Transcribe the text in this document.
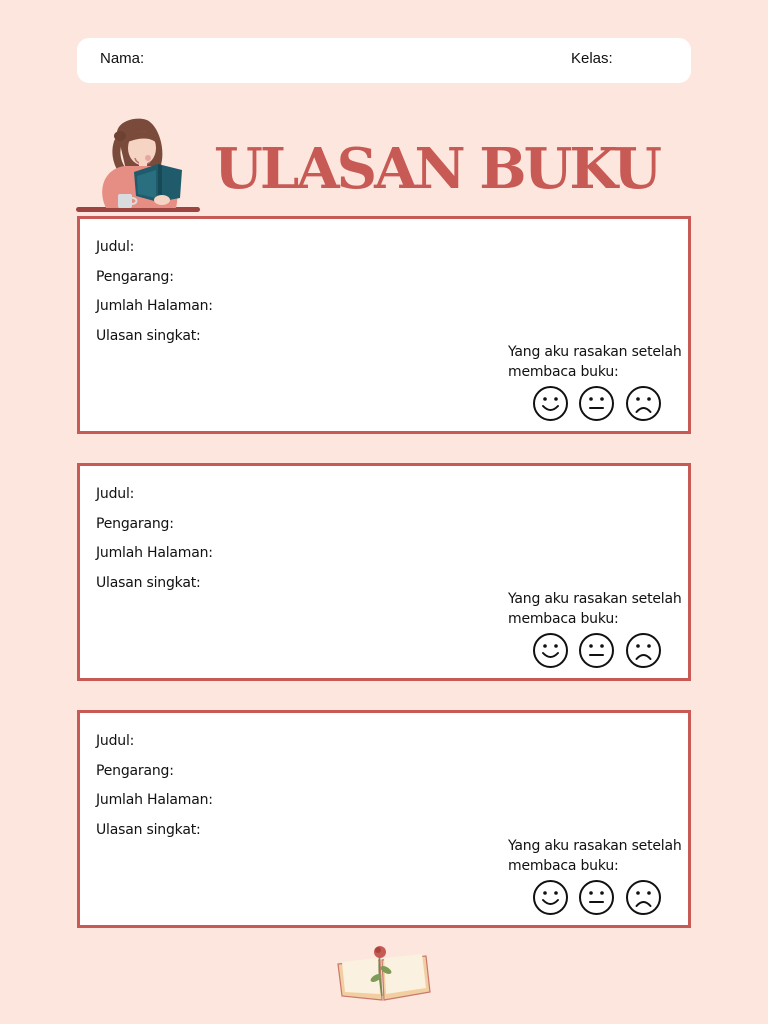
Nama:	Kelas:
ULASAN BUKU
Judul:
Pengarang:
Jumlah Halaman:
Ulasan singkat:
Yang aku rasakan setelah
membaca buku:
Judul:
Pengarang:
Jumlah Halaman:
Ulasan singkat:
Yang aku rasakan setelah
membaca buku:
Judul:
Pengarang:
Jumlah Halaman:
Ulasan singkat:
Yang aku rasakan setelah
membaca buku:
